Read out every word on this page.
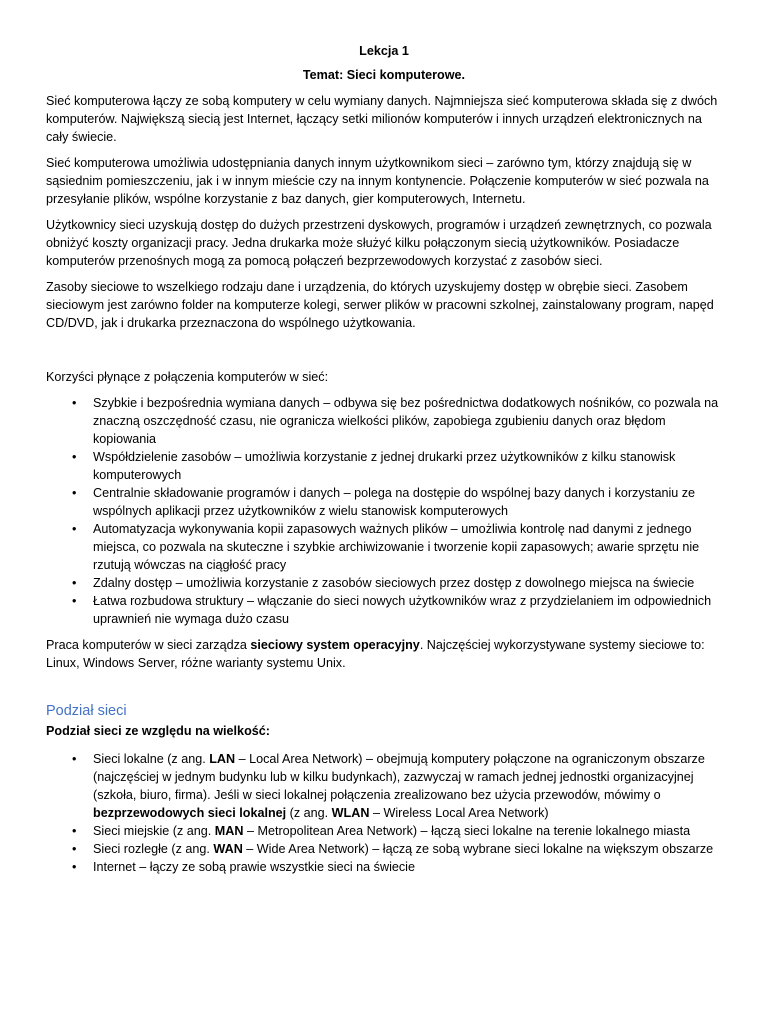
Lekcja 1
Temat: Sieci komputerowe.

Sieć komputerowa łączy ze sobą komputery w celu wymiany danych. Najmniejsza sieć komputerowa składa się z dwóch komputerów. Największą siecią jest Internet, łączący setki milionów komputerów i innych urządzeń elektronicznych na cały świecie.

Sieć komputerowa umożliwia udostępniania danych innym użytkownikom sieci – zarówno tym, którzy znajdują się w sąsiednim pomieszczeniu, jak i w innym mieście czy na innym kontynencie. Połączenie komputerów w sieć pozwala na przesyłanie plików, wspólne korzystanie z baz danych, gier komputerowych, Internetu.

Użytkownicy sieci uzyskują dostęp do dużych przestrzeni dyskowych, programów i urządzeń zewnętrznych, co pozwala obniżyć koszty organizacji pracy. Jedna drukarka może służyć kilku połączonym siecią użytkowników. Posiadacze komputerów przenośnych mogą za pomocą połączeń bezprzewodowych korzystać z zasobów sieci.

Zasoby sieciowe to wszelkiego rodzaju dane i urządzenia, do których uzyskujemy dostęp w obrębie sieci. Zasobem sieciowym jest zarówno folder na komputerze kolegi, serwer plików w pracowni szkolnej, zainstalowany program, napęd CD/DVD, jak i drukarka przeznaczona do wspólnego użytkowania.

Korzyści płynące z połączenia komputerów w sieć:

• Szybkie i bezpośrednia wymiana danych – odbywa się bez pośrednictwa dodatkowych nośników, co pozwala na znaczną oszczędność czasu, nie ogranicza wielkości plików, zapobiega zgubieniu danych oraz błędom kopiowania
• Współdzielenie zasobów – umożliwia korzystanie z jednej drukarki przez użytkowników z kilku stanowisk komputerowych
• Centralnie składowanie programów i danych – polega na dostępie do wspólnej bazy danych i korzystaniu ze wspólnych aplikacji przez użytkowników z wielu stanowisk komputerowych
• Automatyzacja wykonywania kopii zapasowych ważnych plików – umożliwia kontrolę nad danymi z jednego miejsca, co pozwala na skuteczne i szybkie archiwizowanie i tworzenie kopii zapasowych; awarie sprzętu nie rzutują wówczas na ciągłość pracy
• Zdalny dostęp – umożliwia korzystanie z zasobów sieciowych przez dostęp z dowolnego miejsca na świecie
• Łatwa rozbudowa struktury – włączanie do sieci nowych użytkowników wraz z przydzielaniem im odpowiednich uprawnień nie wymaga dużo czasu

Praca komputerów w sieci zarządza sieciowy system operacyjny. Najczęściej wykorzystywane systemy sieciowe to: Linux, Windows Server, różne warianty systemu Unix.

Podział sieci
Podział sieci ze względu na wielkość:
• Sieci lokalne (z ang. LAN – Local Area Network) – obejmują komputery połączone na ograniczonym obszarze (najczęściej w jednym budynku lub w kilku budynkach), zazwyczaj w ramach jednej jednostki organizacyjnej (szkoła, biuro, firma). Jeśli w sieci lokalnej połączenia zrealizowano bez użycia przewodów, mówimy o bezprzewodowych sieci lokalnej (z ang. WLAN – Wireless Local Area Network)
• Sieci miejskie (z ang. MAN – Metropolitean Area Network) – łączą sieci lokalne na terenie lokalnego miasta
• Sieci rozległe (z ang. WAN – Wide Area Network) – łączą ze sobą wybrane sieci lokalne na większym obszarze
• Internet – łączy ze sobą prawie wszystkie sieci na świecie
